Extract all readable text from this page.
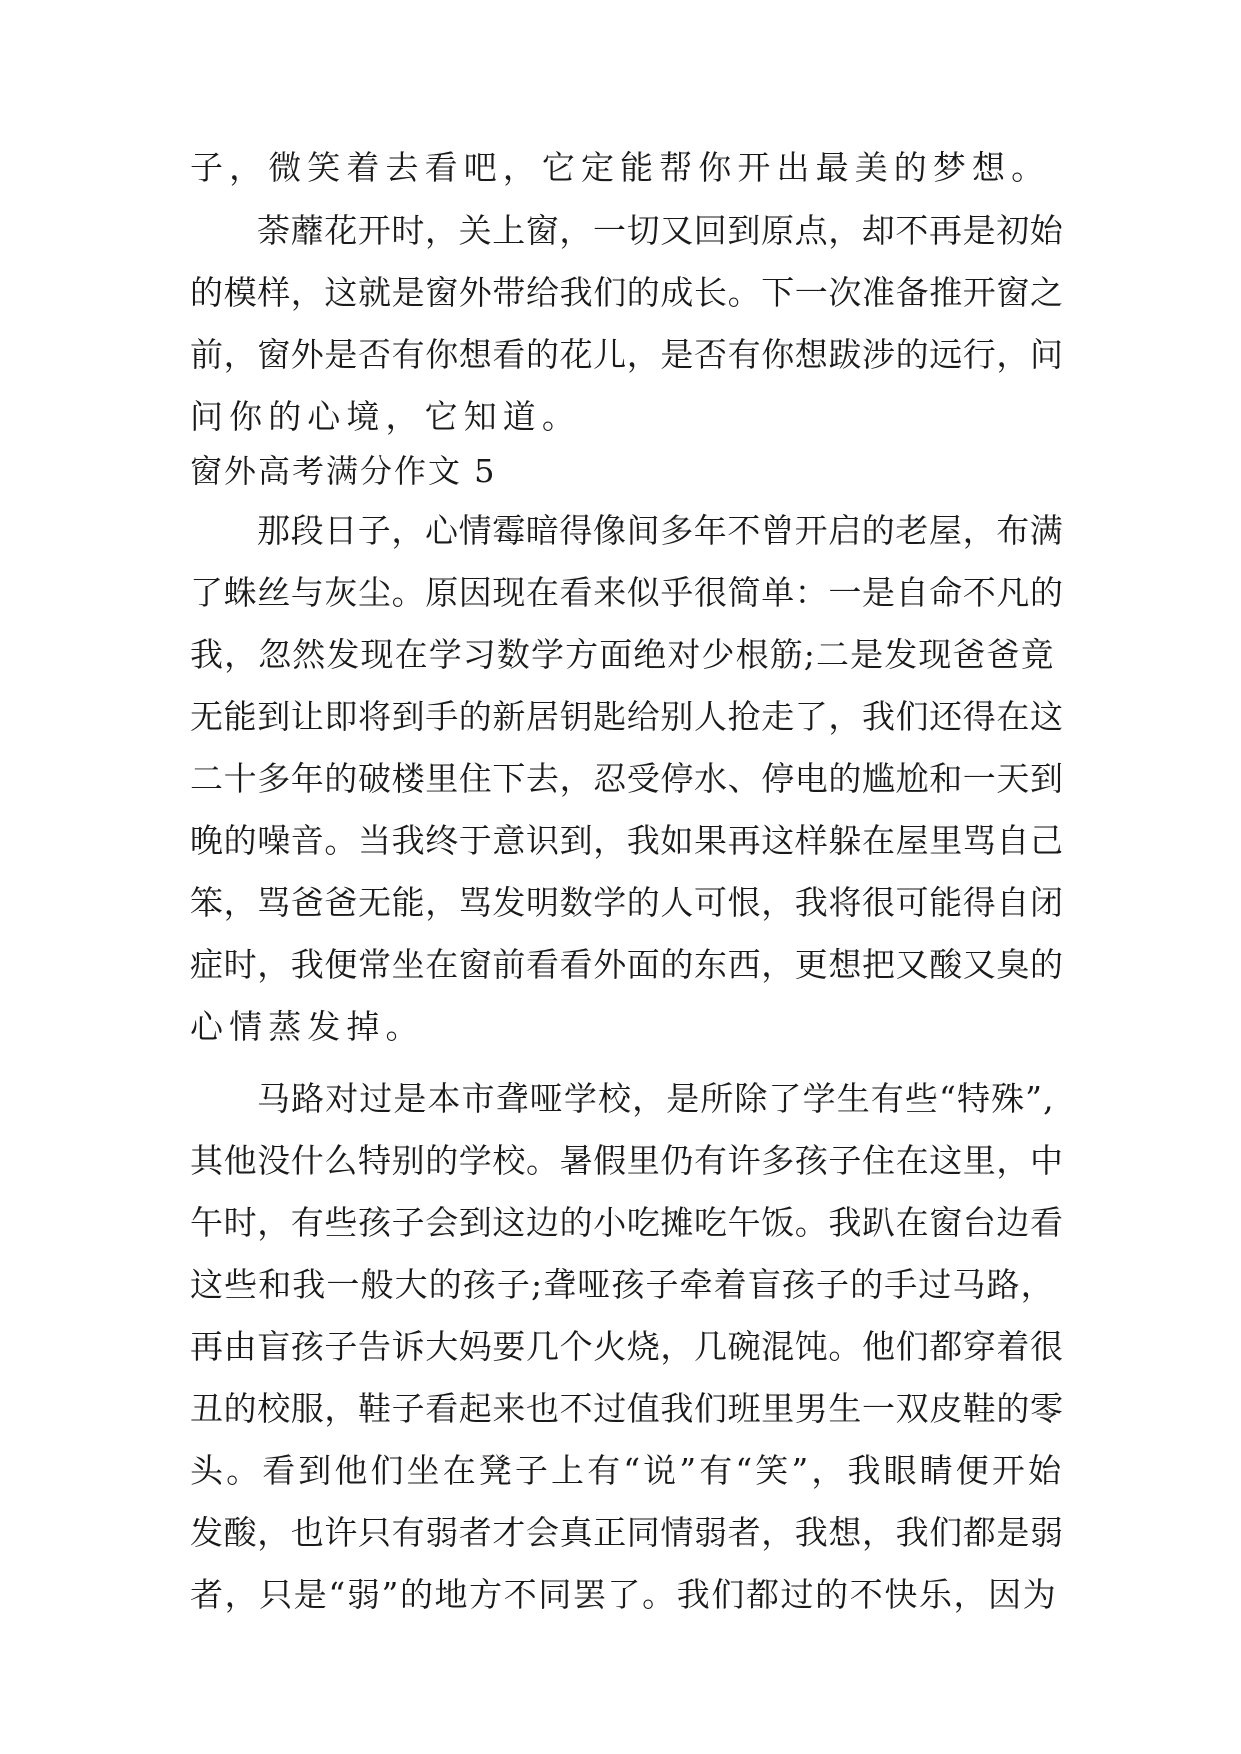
子，微笑着去看吧，它定能帮你开出最美的梦想。
荼蘼花开时，关上窗，一切又回到原点，却不再是初始
的模样，这就是窗外带给我们的成长。下一次准备推开窗之
前，窗外是否有你想看的花儿，是否有你想跋涉的远行，问
问你的心境，它知道。
窗外高考满分作文 5
那段日子，心情霉暗得像间多年不曾开启的老屋，布满
了蛛丝与灰尘。原因现在看来似乎很简单：一是自命不凡的
我，忽然发现在学习数学方面绝对少根筋;二是发现爸爸竟
无能到让即将到手的新居钥匙给别人抢走了，我们还得在这
二十多年的破楼里住下去，忍受停水、停电的尴尬和一天到
晚的噪音。当我终于意识到，我如果再这样躲在屋里骂自己
笨，骂爸爸无能，骂发明数学的人可恨，我将很可能得自闭
症时，我便常坐在窗前看看外面的东西，更想把又酸又臭的
心情蒸发掉。
马路对过是本市聋哑学校，是所除了学生有些“特殊”,
其他没什么特别的学校。暑假里仍有许多孩子住在这里，中
午时，有些孩子会到这边的小吃摊吃午饭。我趴在窗台边看
这些和我一般大的孩子;聋哑孩子牵着盲孩子的手过马路，
再由盲孩子告诉大妈要几个火烧，几碗混饨。他们都穿着很
丑的校服，鞋子看起来也不过值我们班里男生一双皮鞋的零
头。看到他们坐在凳子上有“说”有“笑”，我眼睛便开始
发酸，也许只有弱者才会真正同情弱者，我想，我们都是弱
者，只是“弱”的地方不同罢了。我们都过的不快乐，因为
